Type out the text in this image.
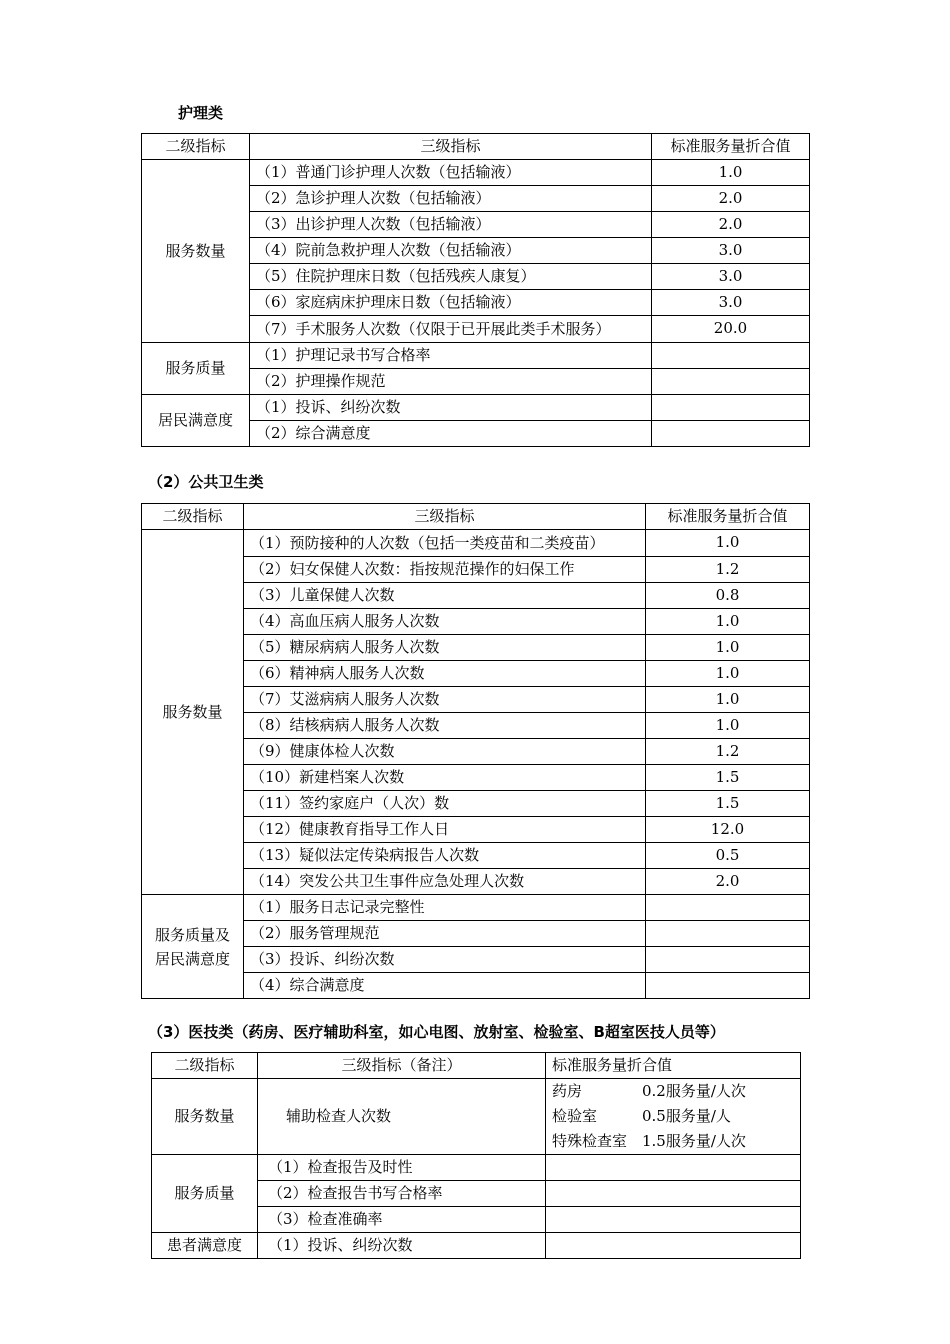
护理类
二级指标	三级指标	标准服务量折合值
服务数量	（1）普通门诊护理人次数（包括输液）	1.0
	（2）急诊护理人次数（包括输液）	2.0
	（3）出诊护理人次数（包括输液）	2.0
	（4）院前急救护理人次数（包括输液）	3.0
	（5）住院护理床日数（包括残疾人康复）	3.0
	（6）家庭病床护理床日数（包括输液）	3.0
	（7）手术服务人次数（仅限于已开展此类手术服务）	20.0
服务质量	（1）护理记录书写合格率	
	（2）护理操作规范	
居民满意度	（1）投诉、纠纷次数	
	（2）综合满意度	
（2）公共卫生类
二级指标	三级指标	标准服务量折合值
服务数量	（1）预防接种的人次数（包括一类疫苗和二类疫苗）	1.0
	（2）妇女保健人次数：指按规范操作的妇保工作	1.2
	（3）儿童保健人次数	0.8
	（4）高血压病人服务人次数	1.0
	（5）糖尿病病人服务人次数	1.0
	（6）精神病人服务人次数	1.0
	（7）艾滋病病人服务人次数	1.0
	（8）结核病病人服务人次数	1.0
	（9）健康体检人次数	1.2
	（10）新建档案人次数	1.5
	（11）签约家庭户（人次）数	1.5
	（12）健康教育指导工作人日	12.0
	（13）疑似法定传染病报告人次数	0.5
	（14）突发公共卫生事件应急处理人次数	2.0
服务质量及居民满意度	（1）服务日志记录完整性	
	（2）服务管理规范	
	（3）投诉、纠纷次数	
	（4）综合满意度	
（3）医技类（药房、医疗辅助科室，如心电图、放射室、检验室、B超室医技人员等）
二级指标	三级指标（备注）	标准服务量折合值
服务数量	辅助检查人次数	药房 0.2服务量/人次
检验室 0.5服务量/人
特殊检查室 1.5服务量/人次

服务质量	（1）检查报告及时性	
	（2）检查报告书写合格率	
	（3）检查准确率	
患者满意度	（1）投诉、纠纷次数	
